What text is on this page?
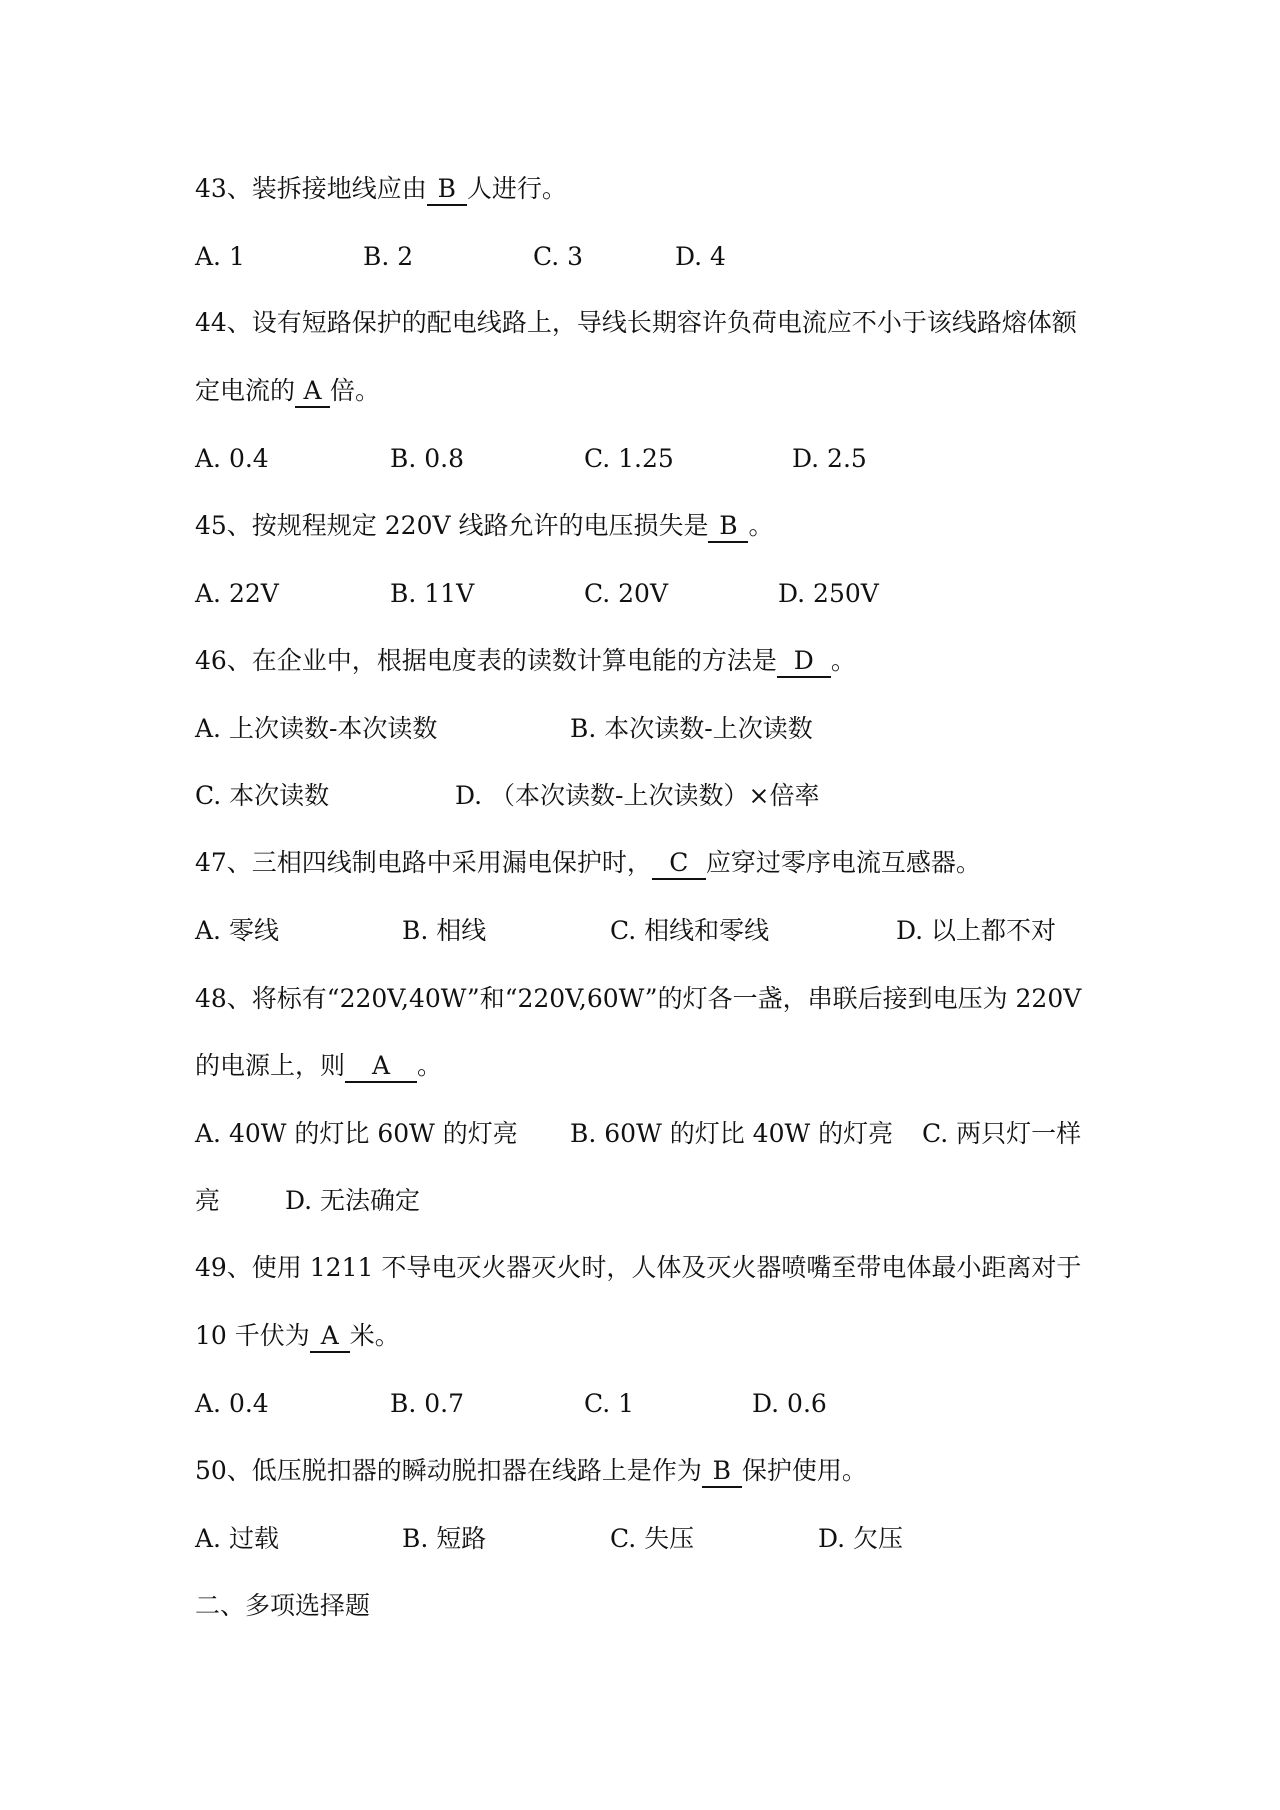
43、装拆接地线应由 B 人进行。
A. 1	B. 2	C. 3	D. 4
44、设有短路保护的配电线路上，导线长期容许负荷电流应不小于该线路熔体额
定电流的 A 倍。
A. 0.4	B. 0.8	C. 1.25	D. 2.5
45、按规程规定 220V 线路允许的电压损失是 B 。
A. 22V	B. 11V	C. 20V	D. 250V
46、在企业中，根据电度表的读数计算电能的方法是 D 。
A. 上次读数-本次读数	B. 本次读数-上次读数
C. 本次读数	D. （本次读数-上次读数）×倍率
47、三相四线制电路中采用漏电保护时， C 应穿过零序电流互感器。
A. 零线	B. 相线	C. 相线和零线	D. 以上都不对
48、将标有“220V,40W”和“220V,60W”的灯各一盏，串联后接到电压为 220V
的电源上，则 A 。
A. 40W 的灯比 60W 的灯亮 B. 60W 的灯比 40W 的灯亮 C. 两只灯一样
亮	D. 无法确定
49、使用 1211 不导电灭火器灭火时，人体及灭火器喷嘴至带电体最小距离对于
10 千伏为 A 米。
A. 0.4	B. 0.7	C. 1	D. 0.6
50、低压脱扣器的瞬动脱扣器在线路上是作为 B 保护使用。
A. 过载	B. 短路	C. 失压	D. 欠压
二、多项选择题
